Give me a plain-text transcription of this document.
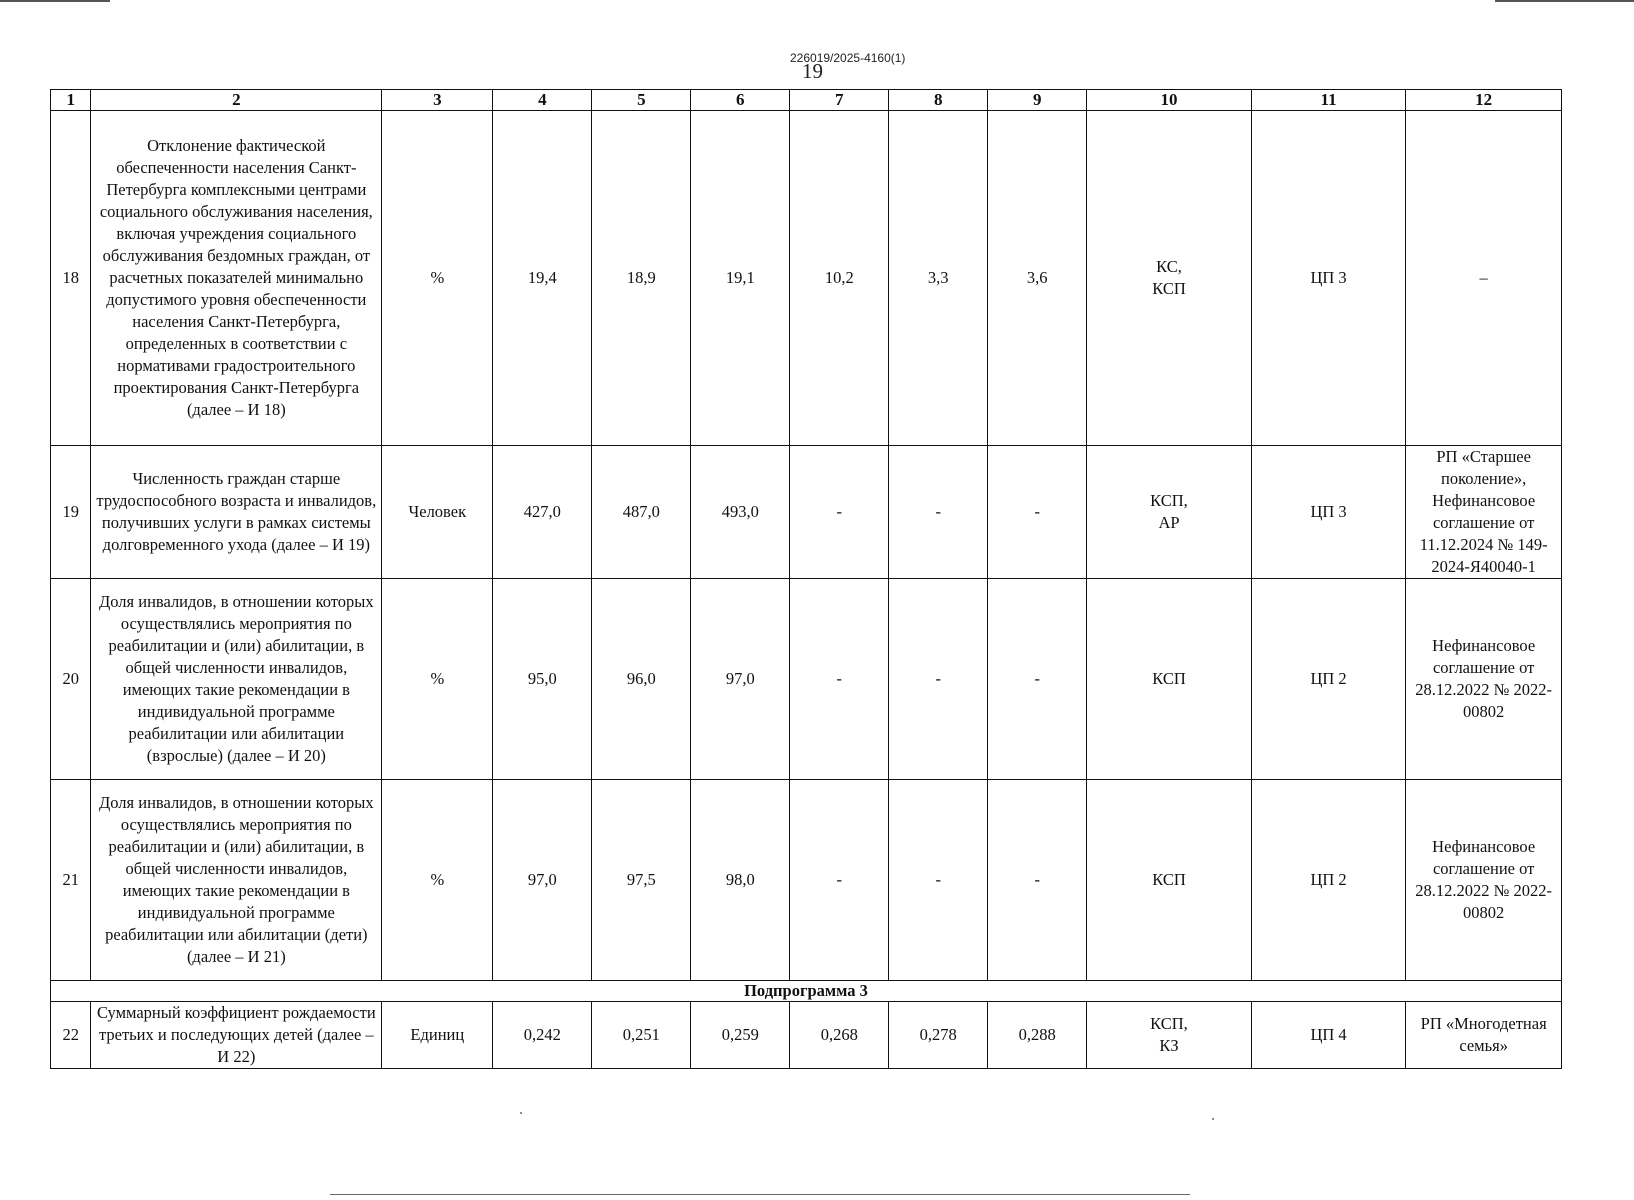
226019/2025-4160(1)
19
1	2	3	4	5	6	7	8	9	10	11	12
18	Отклонение фактической обеспеченности населения Санкт-Петербурга комплексными центрами социального обслуживания населения, включая учреждения социального обслуживания бездомных граждан, от расчетных показателей минимально допустимого уровня обеспеченности населения Санкт-Петербурга, определенных в соответствии с нормативами градостроительного проектирования Санкт-Петербурга (далее – И 18)	%	19,4	18,9	19,1	10,2	3,3	3,6	КС,
КСП	ЦП 3	–
19	Численность граждан старше трудоспособного возраста и инвалидов, получивших услуги в рамках системы долговременного ухода (далее – И 19)	Человек	427,0	487,0	493,0	-	-	-	КСП,
АР	ЦП 3	РП «Старшее поколение», Нефинансовое соглашение от 11.12.2024 № 149-2024-Я40040-1
20	Доля инвалидов, в отношении которых осуществлялись мероприятия по реабилитации и (или) абилитации, в общей численности инвалидов, имеющих такие рекомендации в индивидуальной программе реабилитации или абилитации (взрослые) (далее – И 20)	%	95,0	96,0	97,0	-	-	-	КСП	ЦП 2	Нефинансовое соглашение от 28.12.2022 № 2022-00802
21	Доля инвалидов, в отношении которых осуществлялись мероприятия по реабилитации и (или) абилитации, в общей численности инвалидов, имеющих такие рекомендации в индивидуальной программе реабилитации или абилитации (дети) (далее – И 21)	%	97,0	97,5	98,0	-	-	-	КСП	ЦП 2	Нефинансовое соглашение от 28.12.2022 № 2022-00802
Подпрограмма 3											
22	Суммарный коэффициент рождаемости третьих и последующих детей (далее – И 22)	Единиц	0,242	0,251	0,259	0,268	0,278	0,288	КСП,
КЗ	ЦП 4	РП «Многодетная семья»
